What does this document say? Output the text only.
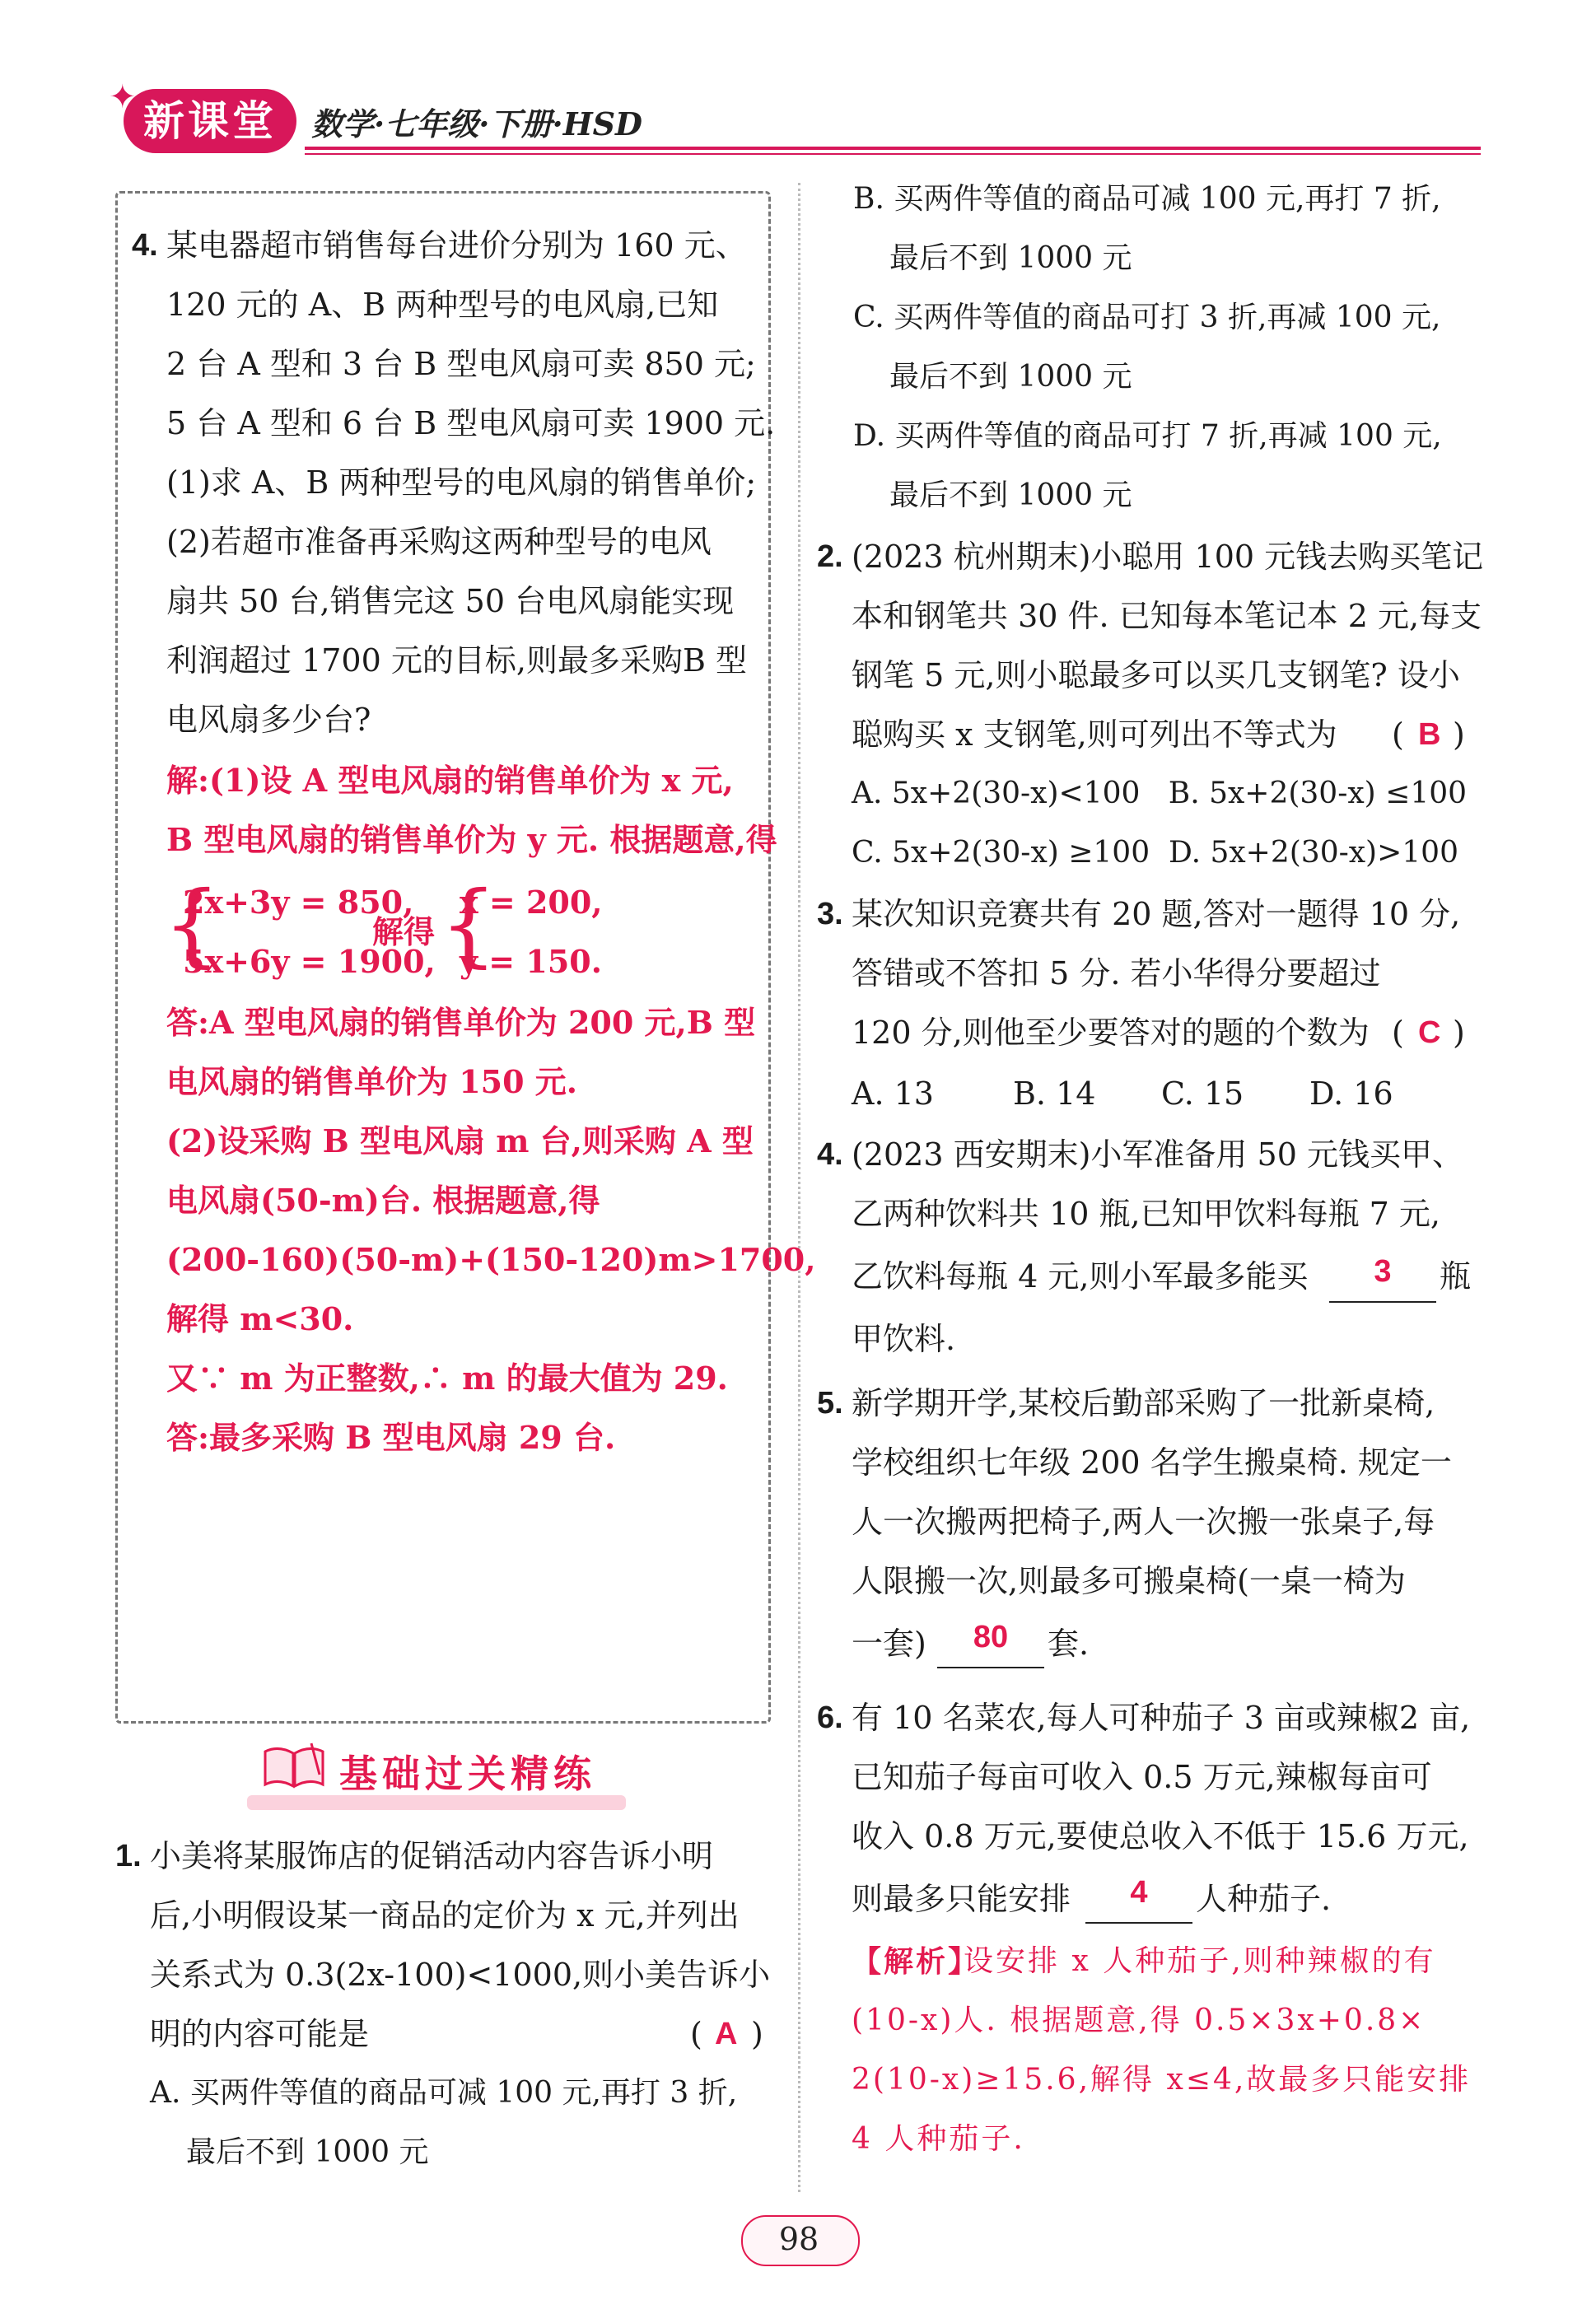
新课堂
✦
数学·七年级·下册·HSD
4. 某电器超市销售每台进价分别为 160 元、
120 元的 A、B 两种型号的电风扇,已知
2 台 A 型和 3 台 B 型电风扇可卖 850 元;
5 台 A 型和 6 台 B 型电风扇可卖 1900 元.
(1)求 A、B 两种型号的电风扇的销售单价;
(2)若超市准备再采购这两种型号的电风
扇共 50 台,销售完这 50 台电风扇能实现
利润超过 1700 元的目标,则最多采购B 型
电风扇多少台?
解:(1)设 A 型电风扇的销售单价为 x 元,
B 型电风扇的销售单价为 y 元. 根据题意,得
{
2x+3y = 850,
5x+6y = 1900,
解得 {
x = 200,
y = 150.
答:A 型电风扇的销售单价为 200 元,B 型
电风扇的销售单价为 150 元.
(2)设采购 B 型电风扇 m 台,则采购 A 型
电风扇(50-m)台. 根据题意,得
(200-160)(50-m)+(150-120)m>1700,
解得 m<30.
又∵ m 为正整数,∴ m 的最大值为 29.
答:最多采购 B 型电风扇 29 台.
基础过关精练
1. 小美将某服饰店的促销活动内容告诉小明
后,小明假设某一商品的定价为 x 元,并列出
关系式为 0.3(2x-100)<1000,则小美告诉小
明的内容可能是	( A )
A. 买两件等值的商品可减 100 元,再打 3 折,
最后不到 1000 元
B. 买两件等值的商品可减 100 元,再打 7 折,
最后不到 1000 元
C. 买两件等值的商品可打 3 折,再减 100 元,
最后不到 1000 元
D. 买两件等值的商品可打 7 折,再减 100 元,
最后不到 1000 元
2. (2023 杭州期末)小聪用 100 元钱去购买笔记
本和钢笔共 30 件. 已知每本笔记本 2 元,每支
钢笔 5 元,则小聪最多可以买几支钢笔? 设小
聪购买 x 支钢笔,则可列出不等式为 ( B )
A. 5x+2(30-x)<100   B. 5x+2(30-x) ≤100
C. 5x+2(30-x) ≥100  D. 5x+2(30-x)>100
3. 某次知识竞赛共有 20 题,答对一题得 10 分,
答错或不答扣 5 分. 若小华得分要超过
120 分,则他至少要答对的题的个数为 ( C )
A. 13	B. 14 C. 15 D. 16
4. (2023 西安期末)小军准备用 50 元钱买甲、
乙两种饮料共 10 瓶,已知甲饮料每瓶 7 元,
乙饮料每瓶 4 元,则小军最多能买	3	瓶
甲饮料.
5. 新学期开学,某校后勤部采购了一批新桌椅,
学校组织七年级 200 名学生搬桌椅. 规定一
人一次搬两把椅子,两人一次搬一张桌子,每
人限搬一次,则最多可搬桌椅(一桌一椅为
一套)	80	套.
6. 有 10 名菜农,每人可种茄子 3 亩或辣椒2 亩,
已知茄子每亩可收入 0.5 万元,辣椒每亩可
收入 0.8 万元,要使总收入不低于 15.6 万元,
则最多只能安排	4	人种茄子.
【解析】
设安排 x 人种茄子,则种辣椒的有
(10-x)人. 根据题意,得 0.5×3x+0.8×
2(10-x)≥15.6,解得 x≤4,故最多只能安排
4 人种茄子.
98
